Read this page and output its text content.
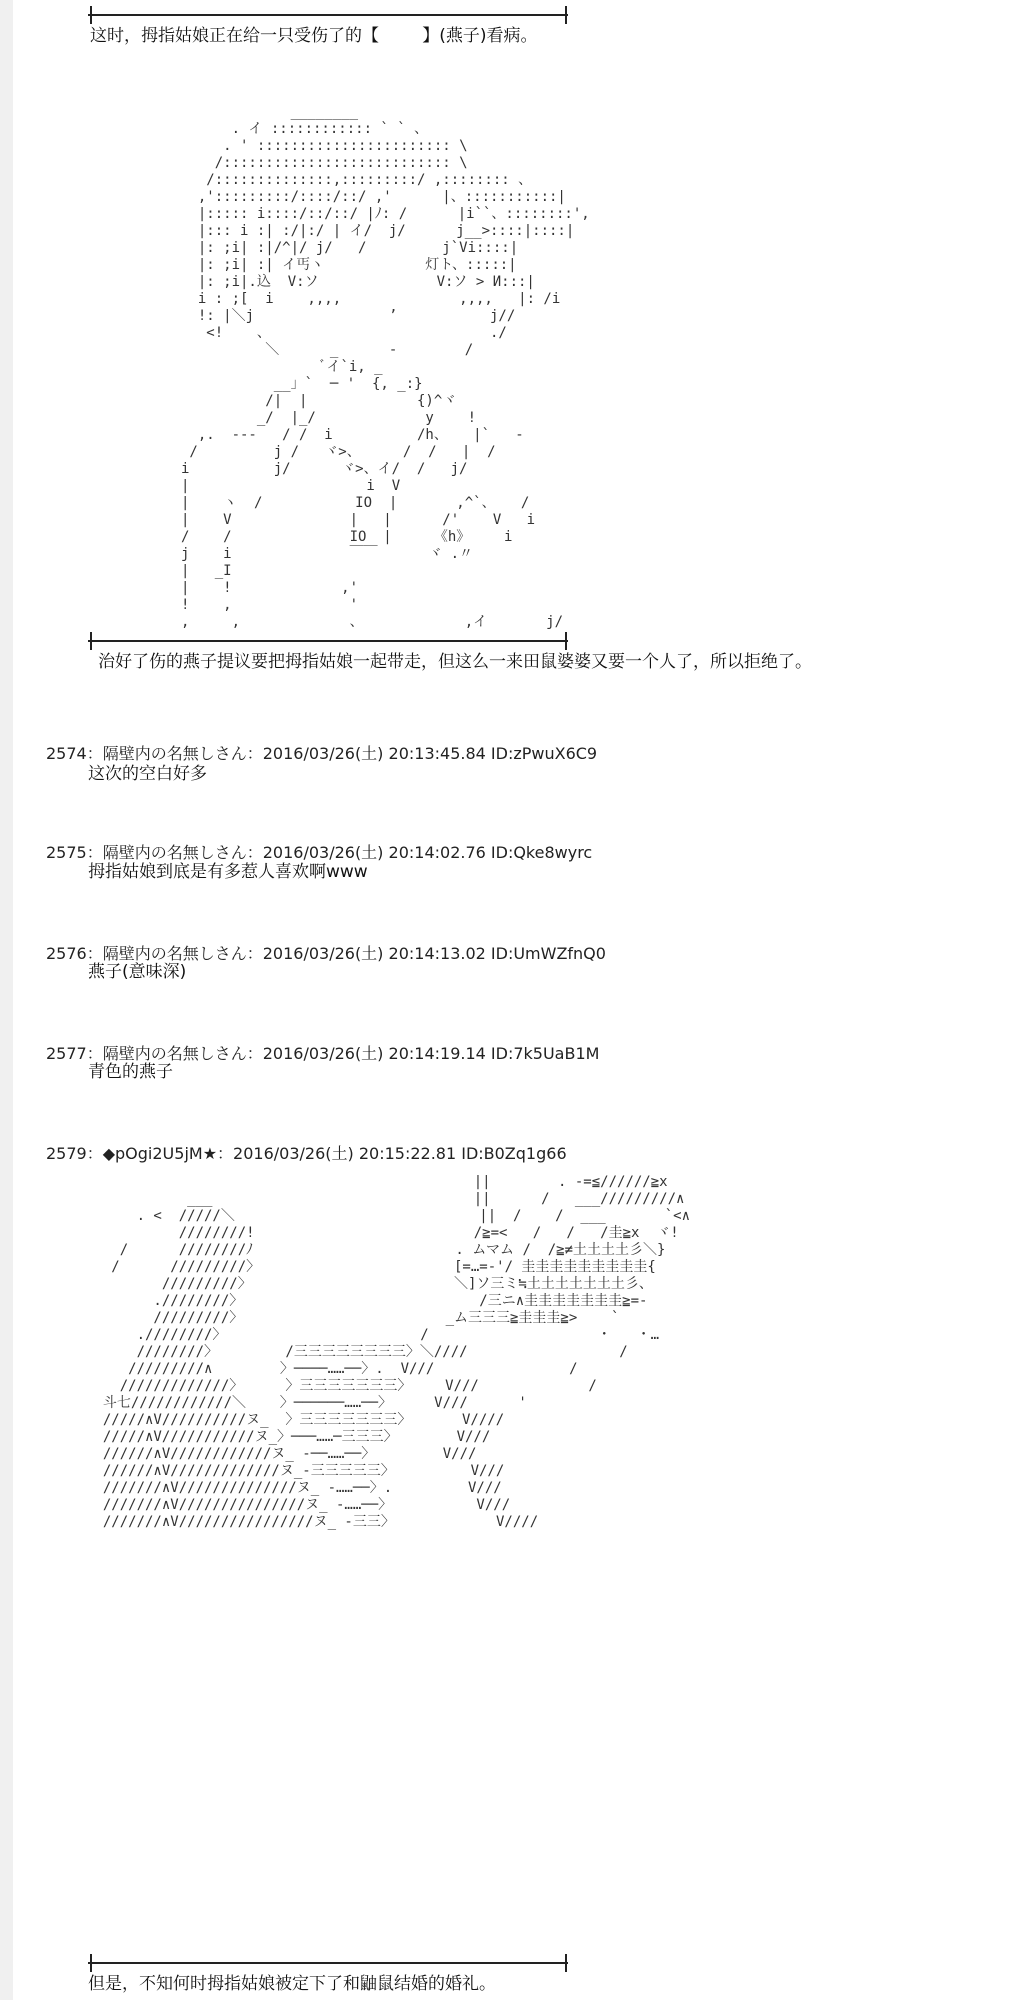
这时，拇指姑娘正在给一只受伤了的【        】(燕子)看病。
________
. イ :::::::::::: ` ` 、
. ' ::::::::::::::::::::::: \
/::::::::::::::::::::::::::: \
/::::::::::::::,:::::::::/ ,:::::::: 、
,':::::::::/::::/::/ ,'      |、:::::::::::|
|::::: i::::/::/::/ |ﾉ: /      |i``、::::::::',
|::: i :| :/|:/ | イ/  j/      j__>::::|::::|
|: ;i| :|/^|/ j/   /         j`Vi::::|
|: ;i| :| イ丐ヽ            灯ト、:::::|
|: ;i|.込  V:ソ              V:ソ > И:::|
i : ;[  i    ,,,,              ,,,,   |: /i
!: |＼j                ’           j//
<!    、                          ./
＼      _      -        /
ﾞイ`i, _
__」`  ─ '  {, _:}
/|  |             {)^ヾ
_/  |_/             y    !
,.  ---   / /  i          /h、   |`   -
/         j /   ヾ>、     /  /   |  /
i          j/      ヾ>、イ/  /   j/
|                     i  V
|    ヽ  /           IO  |       ,^`、   /
|    V              |   |      /'    V   i
/    /              IO  |     《h》    i
j    i              ￣￣      ヾ .〃
|   _I
|    !             ,'
!    ,              '
,     ,             、            ,イ       j/
治好了伤的燕子提议要把拇指姑娘一起带走，但这么一来田鼠婆婆又要一个人了，所以拒绝了。
2574：隔壁内の名無しさん：2016/03/26(土) 20:13:45.84 ID:zPwuX6C9
这次的空白好多
2575：隔壁内の名無しさん：2016/03/26(土) 20:14:02.76 ID:Qke8wyrc
拇指姑娘到底是有多惹人喜欢啊www
2576：隔壁内の名無しさん：2016/03/26(土) 20:14:13.02 ID:UmWZfnQ0
燕子(意味深)
2577：隔壁内の名無しさん：2016/03/26(土) 20:14:19.14 ID:7k5UaB1M
青色的燕子
2579：◆pOgi2U5jM★：2016/03/26(土) 20:15:22.81 ID:B0Zq1g66
||        . -=≦//////≧x
___                               ||      /   ___/////////∧
. <  /////＼                             ||  /    /  ___       `<∧
////////!                          /≧=<   /   /   /圭≧x  ヾ!
/      ////////ﾉ                        . ムマム /  /≧≠土土土土彡＼}
/      /////////〉                       [=…=‐'/ 圭圭圭圭圭圭圭圭圭{
/////////〉                        ＼]ソ三ミ≒土土土土土土土彡、
.////////〉                            /三ニ∧圭圭圭圭圭圭圭≧=‐
/////////〉                        _ム三三三≧圭圭圭≧>    `
.////////〉                       /                    ・   ・…
////////〉        /三三三三三三三三〉＼////                  /
/////////∧        〉────……──〉.  V///                /
/////////////〉     〉三三三三三三三〉    V///             /
斗七////////////＼    〉──────……──〉     V///      '
/////∧V//////////ヌ_  〉三三三三三三三〉      V////
/////∧V///////////ヌ_〉───……─三三三〉       V///
//////∧V////////////ヌ_ -──……──〉        V///
//////∧V/////////////ヌ_-三三三三三〉         V///
///////∧V//////////////ヌ_ -……──〉.         V///
///////∧V///////////////ヌ_ -……──〉          V///
///////∧V////////////////ヌ_ -三三〉            V////
但是，不知何时拇指姑娘被定下了和鼬鼠结婚的婚礼。
